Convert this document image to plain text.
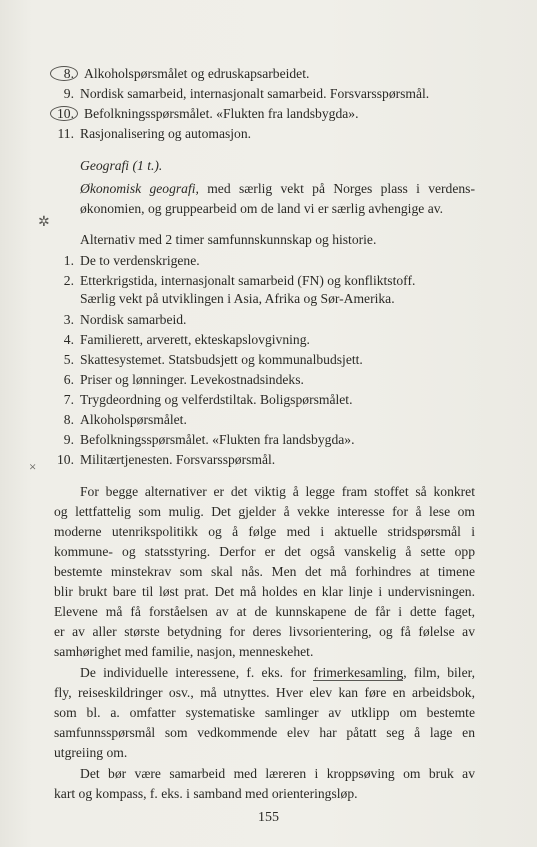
8. Alkoholspørsmålet og edruskapsarbeidet.
9. Nordisk samarbeid, internasjonalt samarbeid. Forsvarsspørsmål.
10. Befolkningsspørsmålet. «Flukten fra landsbygda».
11. Rasjonalisering og automasjon.
Geografi (1 t.).
Økonomisk geografi, med særlig vekt på Norges plass i verdens-
økonomien, og gruppearbeid om de land vi er særlig avhengige av.
✲
Alternativ med 2 timer samfunnskunnskap og historie.
1. De to verdenskrigene.
2. Etterkrigstida, internasjonalt samarbeid (FN) og konfliktstoff.
Særlig vekt på utviklingen i Asia, Afrika og Sør-Amerika.
3. Nordisk samarbeid.
4. Familierett, arverett, ekteskapslovgivning.
5. Skattesystemet. Statsbudsjett og kommunalbudsjett.
6. Priser og lønninger. Levekostnadsindeks.
7. Trygdeordning og velferdstiltak. Boligspørsmålet.
8. Alkoholspørsmålet.
9. Befolkningsspørsmålet. «Flukten fra landsbygda».
10. Militærtjenesten. Forsvarsspørsmål.
×
For begge alternativer er det viktig å legge fram stoffet så konkret
og lettfattelig som mulig. Det gjelder å vekke interesse for å lese om
moderne utenrikspolitikk og å følge med i aktuelle stridspørsmål i
kommune- og statsstyring. Derfor er det også vanskelig å sette opp
bestemte minstekrav som skal nås. Men det må forhindres at timene
blir brukt bare til løst prat. Det må holdes en klar linje i undervisningen.
Elevene må få forståelsen av at de kunnskapene de får i dette faget,
er av aller største betydning for deres livsorientering, og få følelse av
samhørighet med familie, nasjon, menneskehet.
De individuelle interessene, f. eks. for frimerkesamling, film, biler,
fly, reiseskildringer osv., må utnyttes. Hver elev kan føre en arbeidsbok,
som bl. a. omfatter systematiske samlinger av utklipp om bestemte
samfunnsspørsmål som vedkommende elev har påtatt seg å lage en
utgreiing om.
Det bør være samarbeid med læreren i kroppsøving om bruk av
kart og kompass, f. eks. i samband med orienteringsløp.
155
